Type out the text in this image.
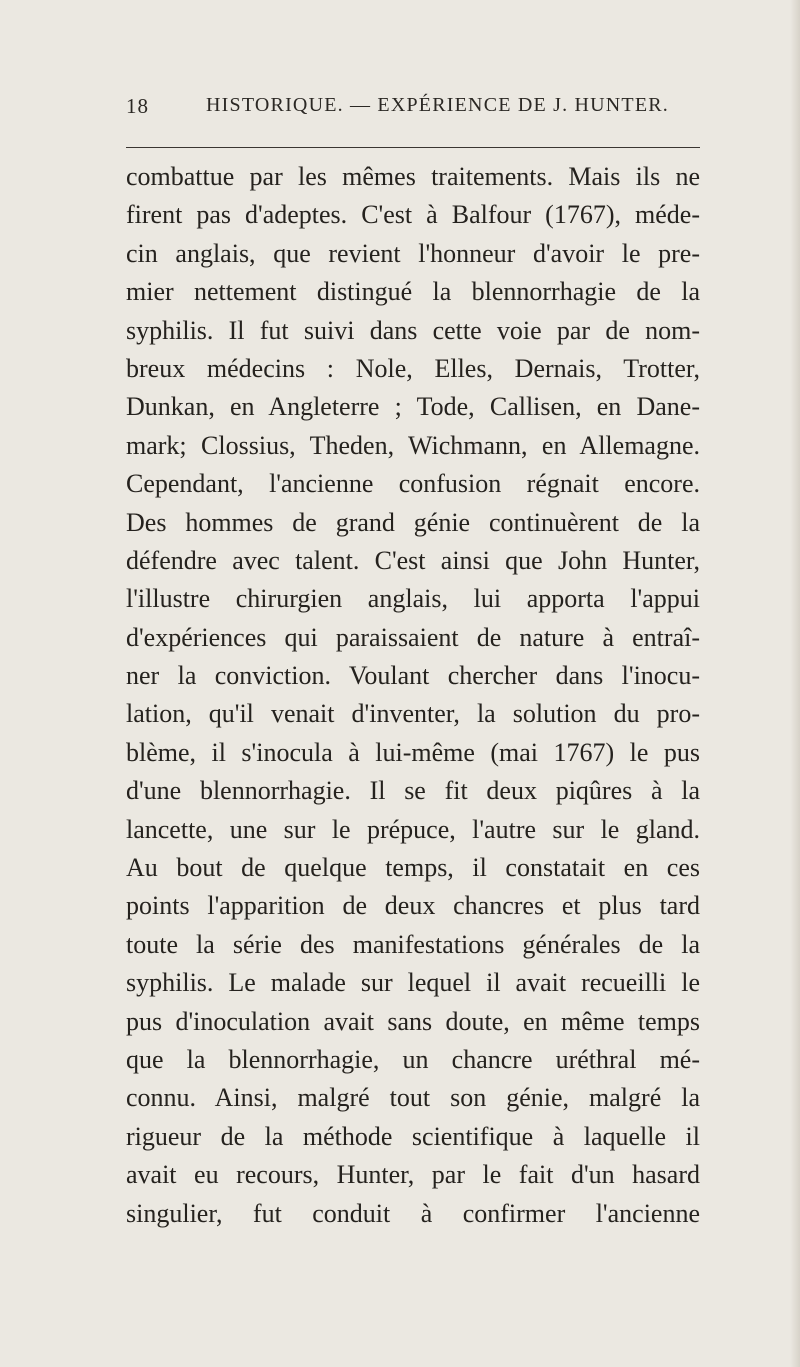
18	HISTORIQUE. — EXPÉRIENCE DE J. HUNTER.
combattue par les mêmes traitements. Mais ils ne
firent pas d'adeptes. C'est à Balfour (1767), méde-
cin anglais, que revient l'honneur d'avoir le pre-
mier nettement distingué la blennorrhagie de la
syphilis. Il fut suivi dans cette voie par de nom-
breux médecins : Nole, Elles, Dernais, Trotter,
Dunkan, en Angleterre ; Tode, Callisen, en Dane-
mark; Clossius, Theden, Wichmann, en Allemagne.
Cependant, l'ancienne confusion régnait encore.
Des hommes de grand génie continuèrent de la
défendre avec talent. C'est ainsi que John Hunter,
l'illustre chirurgien anglais, lui apporta l'appui
d'expériences qui paraissaient de nature à entraî-
ner la conviction. Voulant chercher dans l'inocu-
lation, qu'il venait d'inventer, la solution du pro-
blème, il s'inocula à lui-même (mai 1767) le pus
d'une blennorrhagie. Il se fit deux piqûres à la
lancette, une sur le prépuce, l'autre sur le gland.
Au bout de quelque temps, il constatait en ces
points l'apparition de deux chancres et plus tard
toute la série des manifestations générales de la
syphilis. Le malade sur lequel il avait recueilli le
pus d'inoculation avait sans doute, en même temps
que la blennorrhagie, un chancre uréthral mé-
connu. Ainsi, malgré tout son génie, malgré la
rigueur de la méthode scientifique à laquelle il
avait eu recours, Hunter, par le fait d'un hasard
singulier, fut conduit à confirmer l'ancienne
